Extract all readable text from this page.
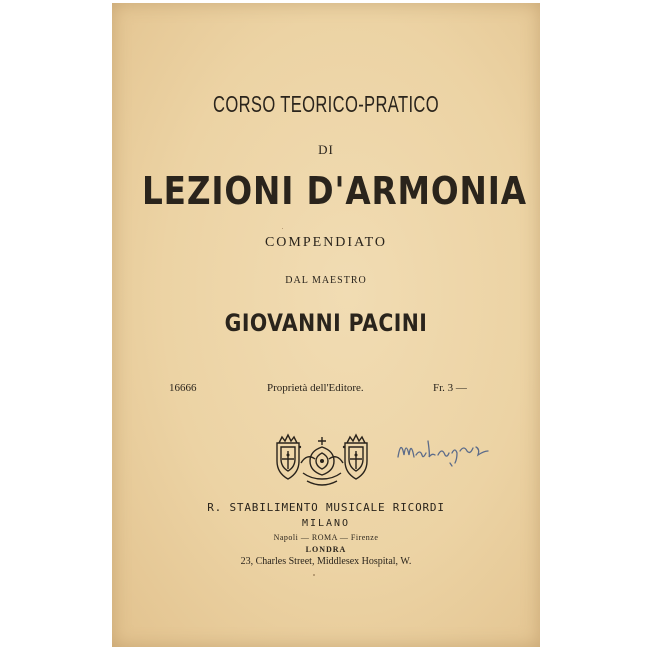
CORSO TEORICO-PRATICO
DI
LEZIONI D'ARMONIA
COMPENDIATO
DAL MAESTRO
GIOVANNI PACINI
16666	Proprietà dell'Editore.	Fr. 3 —
R. STABILIMENTO MUSICALE RICORDI
MILANO
Napoli — ROMA — Firenze
LONDRA
23, Charles Street, Middlesex Hospital, W.
